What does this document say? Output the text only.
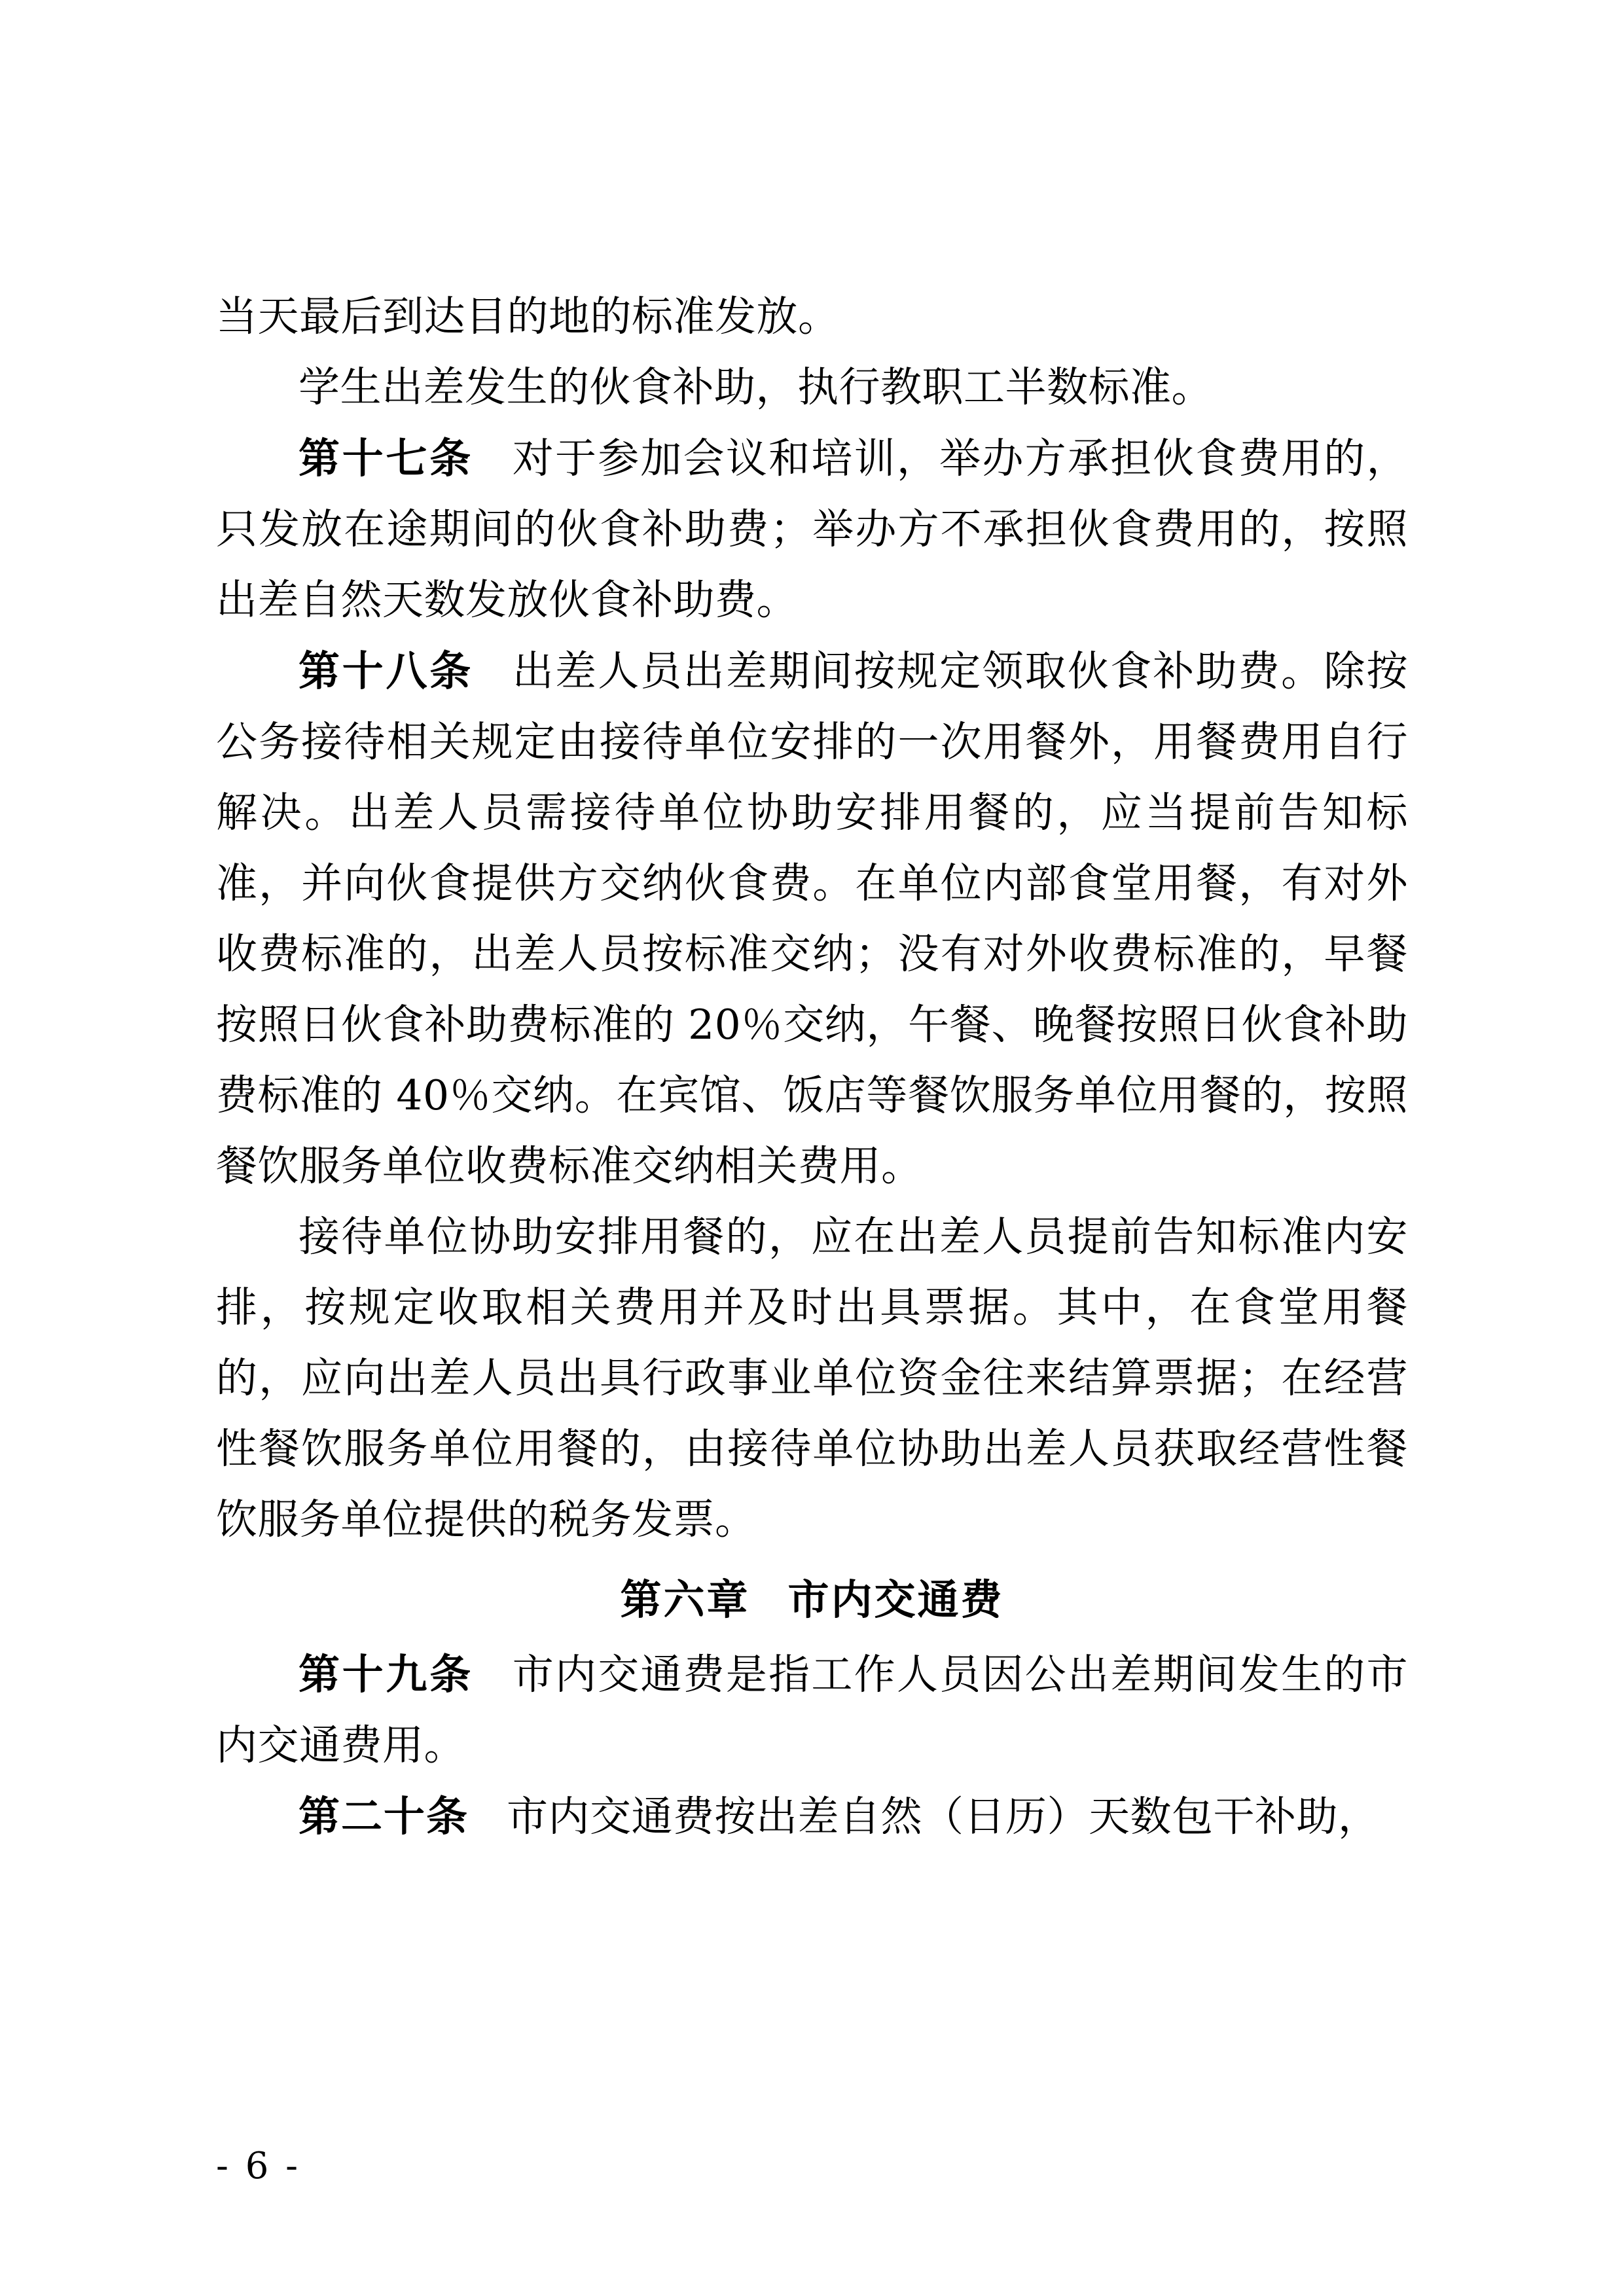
当天最后到达目的地的标准发放。

学生出差发生的伙食补助，执行教职工半数标准。

第十七条 对于参加会议和培训，举办方承担伙食费用的，只发放在途期间的伙食补助费；举办方不承担伙食费用的，按照出差自然天数发放伙食补助费。

第十八条 出差人员出差期间按规定领取伙食补助费。除按公务接待相关规定由接待单位安排的一次用餐外，用餐费用自行解决。出差人员需接待单位协助安排用餐的，应当提前告知标准，并向伙食提供方交纳伙食费。在单位内部食堂用餐，有对外收费标准的，出差人员按标准交纳；没有对外收费标准的，早餐按照日伙食补助费标准的 20％交纳，午餐、晚餐按照日伙食补助费标准的 40％交纳。在宾馆、饭店等餐饮服务单位用餐的，按照餐饮服务单位收费标准交纳相关费用。

接待单位协助安排用餐的，应在出差人员提前告知标准内安排，按规定收取相关费用并及时出具票据。其中，在食堂用餐的，应向出差人员出具行政事业单位资金往来结算票据；在经营性餐饮服务单位用餐的，由接待单位协助出差人员获取经营性餐饮服务单位提供的税务发票。

第六章 市内交通费

第十九条 市内交通费是指工作人员因公出差期间发生的市内交通费用。

第二十条 市内交通费按出差自然（日历）天数包干补助，

- 6 -
